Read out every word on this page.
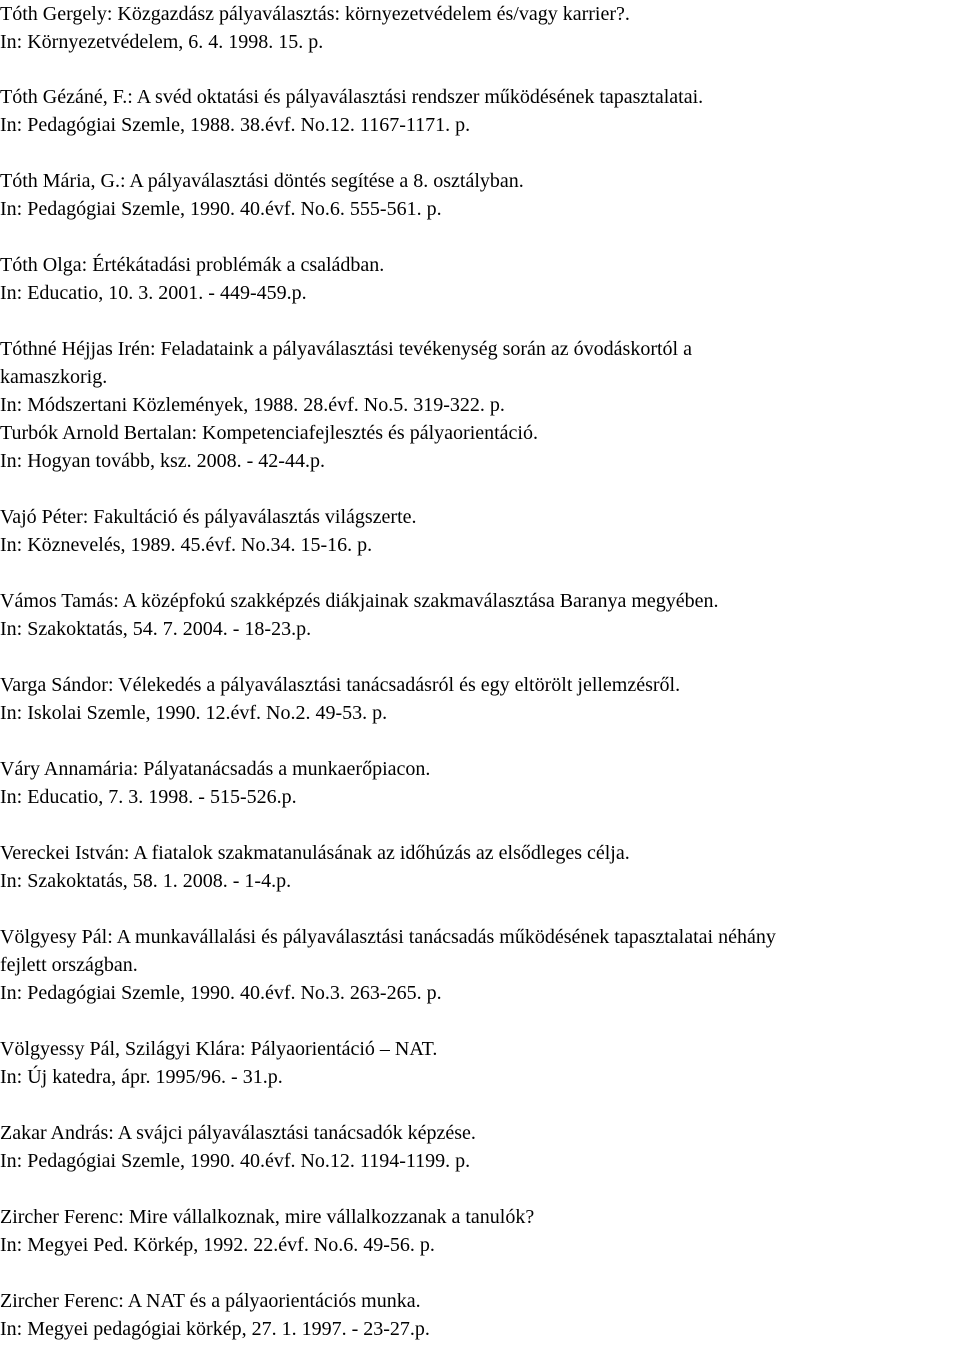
Tóth Gergely: Közgazdász pályaválasztás: környezetvédelem és/vagy karrier?.
In: Környezetvédelem, 6. 4. 1998. 15. p.
Tóth Gézáné, F.: A svéd oktatási és pályaválasztási rendszer működésének tapasztalatai.
In: Pedagógiai Szemle, 1988. 38.évf. No.12. 1167-1171. p.
Tóth Mária, G.: A pályaválasztási döntés segítése a 8. osztályban.
In: Pedagógiai Szemle, 1990. 40.évf. No.6. 555-561. p.
Tóth Olga: Értékátadási problémák a családban.
In: Educatio, 10. 3. 2001. - 449-459.p.
Tóthné Héjjas Irén: Feladataink a pályaválasztási tevékenység során az óvodáskortól a
kamaszkorig.
In: Módszertani Közlemények, 1988. 28.évf. No.5. 319-322. p.
Turbók Arnold Bertalan: Kompetenciafejlesztés és pályaorientáció.
In: Hogyan tovább, ksz. 2008. - 42-44.p.
Vajó Péter: Fakultáció és pályaválasztás világszerte.
In: Köznevelés, 1989. 45.évf. No.34. 15-16. p.
Vámos Tamás: A középfokú szakképzés diákjainak szakmaválasztása Baranya megyében.
In: Szakoktatás, 54. 7. 2004. - 18-23.p.
Varga Sándor: Vélekedés a pályaválasztási tanácsadásról és egy eltörölt jellemzésről.
In: Iskolai Szemle, 1990. 12.évf. No.2. 49-53. p.
Váry Annamária: Pályatanácsadás a munkaerőpiacon.
In: Educatio, 7. 3. 1998. - 515-526.p.
Vereckei István: A fiatalok szakmatanulásának az időhúzás az elsődleges célja.
In: Szakoktatás, 58. 1. 2008. - 1-4.p.
Völgyesy Pál: A munkavállalási és pályaválasztási tanácsadás működésének tapasztalatai néhány
fejlett országban.
In: Pedagógiai Szemle, 1990. 40.évf. No.3. 263-265. p.
Völgyessy Pál, Szilágyi Klára: Pályaorientáció – NAT.
In: Új katedra, ápr. 1995/96. - 31.p.
Zakar András: A svájci pályaválasztási tanácsadók képzése.
In: Pedagógiai Szemle, 1990. 40.évf. No.12. 1194-1199. p.
Zircher Ferenc: Mire vállalkoznak, mire vállalkozzanak a tanulók?
In: Megyei Ped. Körkép, 1992. 22.évf. No.6. 49-56. p.
Zircher Ferenc: A NAT és a pályaorientációs munka.
In: Megyei pedagógiai körkép, 27. 1. 1997. - 23-27.p.
